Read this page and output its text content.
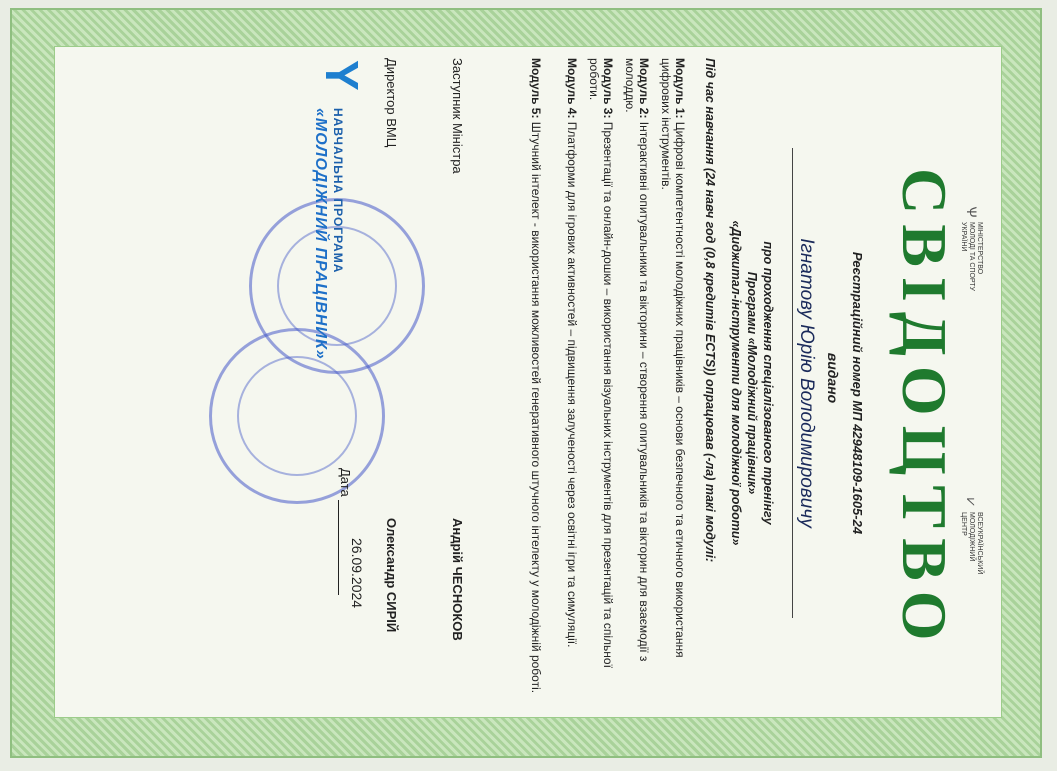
Ѱ
МІНІСТЕРСТВО МОЛОДІ ТА СПОРТУ УКРАЇНИ
⩗
ВСЕУКРАЇНСЬКИЙ МОЛОДІЖНИЙ ЦЕНТР
СВІДОЦТВО
Реєстраційний номер МП 42948109-1605-24
видано
Ігнатову Юрію Володимировичу
про проходження спеціалізованого тренінгу
Програми «Молодіжний працівник»
«Диджитал-інструменти для молодіжної роботи»
Під час навчання (24 навч год (0,8 кредитів ECTS)) опрацював (-ла) такі модулі:
Модуль 1: Цифрові компетентності молодіжних працівників – основи безпечного та етичного використання цифрових інструментів.
Модуль 2: Інтерактивні опитувальники та вікторини – створення опитувальників та вікторин для взаємодії з молоддю.
Модуль 3: Презентації та онлайн-дошки – використання візуальних інструментів для презентацій та спільної роботи.
Модуль 4: Платформи для ігрових активностей – підвищення залученості через освітні ігри та симуляції.
Модуль 5: Штучний інтелект - використання можливостей генеративного штучного інтелекту у молодіжній роботі.
Заступник Міністра
Андрій ЧЕСНОКОВ
Директор ВМЦ
Олександр СИРІЙ
Дата
26.09.2024
Y
НАВЧАЛЬНА ПРОГРАМА
«МОЛОДІЖНИЙ ПРАЦІВНИК»
